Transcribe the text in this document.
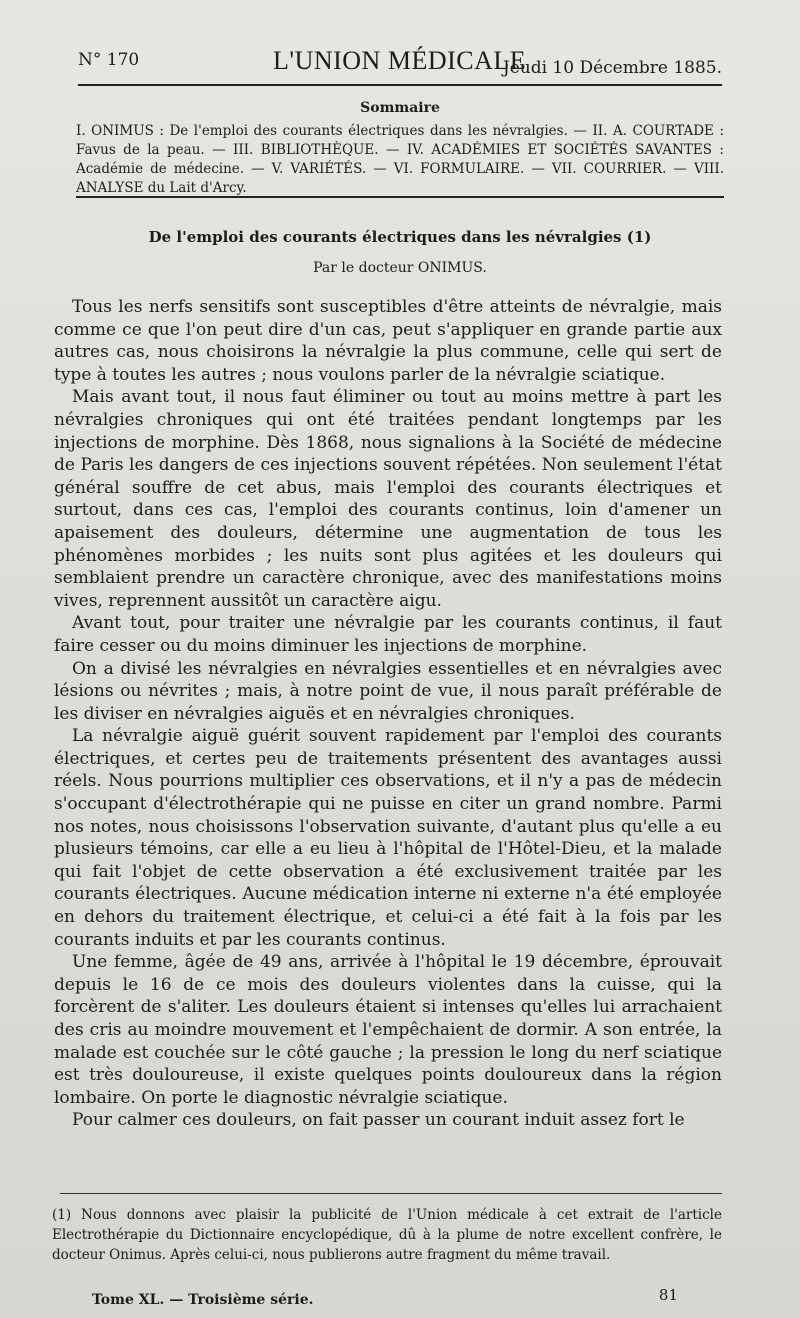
N° 170	L'UNION MÉDICALE
Jeudi 10 Décembre 1885.
Sommaire
I. ONIMUS : De l'emploi des courants électriques dans les névralgies. — II. A. COURTADE : Favus de la peau. — III. BIBLIOTHÈQUE. — IV. ACADÉMIES ET SOCIÉTÉS SAVANTES : Académie de médecine. — V. VARIÉTÉS. — VI. FORMULAIRE. — VII. COURRIER. — VIII. ANALYSE du Lait d'Arcy.
De l'emploi des courants électriques dans les névralgies (1)
Par le docteur ONIMUS.

Tous les nerfs sensitifs sont susceptibles d'être atteints de névralgie, mais comme ce que l'on peut dire d'un cas, peut s'appliquer en grande partie aux autres cas, nous choisirons la névralgie la plus commune, celle qui sert de type à toutes les autres ; nous voulons parler de la névralgie sciatique.

Mais avant tout, il nous faut éliminer ou tout au moins mettre à part les névralgies chroniques qui ont été traitées pendant longtemps par les injections de morphine. Dès 1868, nous signalions à la Société de médecine de Paris les dangers de ces injections souvent répétées. Non seulement l'état général souffre de cet abus, mais l'emploi des courants électriques et surtout, dans ces cas, l'emploi des courants continus, loin d'amener un apaisement des douleurs, détermine une augmentation de tous les phénomènes morbides ; les nuits sont plus agitées et les douleurs qui semblaient prendre un caractère chronique, avec des manifestations moins vives, reprennent aussitôt un caractère aigu.

Avant tout, pour traiter une névralgie par les courants continus, il faut faire cesser ou du moins diminuer les injections de morphine.

On a divisé les névralgies en névralgies essentielles et en névralgies avec lésions ou névrites ; mais, à notre point de vue, il nous paraît préférable de les diviser en névralgies aiguës et en névralgies chroniques.

La névralgie aiguë guérit souvent rapidement par l'emploi des courants électriques, et certes peu de traitements présentent des avantages aussi réels. Nous pourrions multiplier ces observations, et il n'y a pas de médecin s'occupant d'électrothérapie qui ne puisse en citer un grand nombre. Parmi nos notes, nous choisissons l'observation suivante, d'autant plus qu'elle a eu plusieurs témoins, car elle a eu lieu à l'hôpital de l'Hôtel-Dieu, et la malade qui fait l'objet de cette observation a été exclusivement traitée par les courants électriques. Aucune médication interne ni externe n'a été employée en dehors du traitement électrique, et celui-ci a été fait à la fois par les courants induits et par les courants continus.

Une femme, âgée de 49 ans, arrivée à l'hôpital le 19 décembre, éprouvait depuis le 16 de ce mois des douleurs violentes dans la cuisse, qui la forcèrent de s'aliter. Les douleurs étaient si intenses qu'elles lui arrachaient des cris au moindre mouvement et l'empêchaient de dormir. A son entrée, la malade est couchée sur le côté gauche ; la pression le long du nerf sciatique est très douloureuse, il existe quelques points douloureux dans la région lombaire. On porte le diagnostic névralgie sciatique.

Pour calmer ces douleurs, on fait passer un courant induit assez fort le

(1) Nous donnons avec plaisir la publicité de l'Union médicale à cet extrait de l'article Electrothérapie du Dictionnaire encyclopédique, dû à la plume de notre excellent confrère, le docteur Onimus. Après celui-ci, nous publierons autre fragment du même travail.
Tome XL. — Troisième série.	81
